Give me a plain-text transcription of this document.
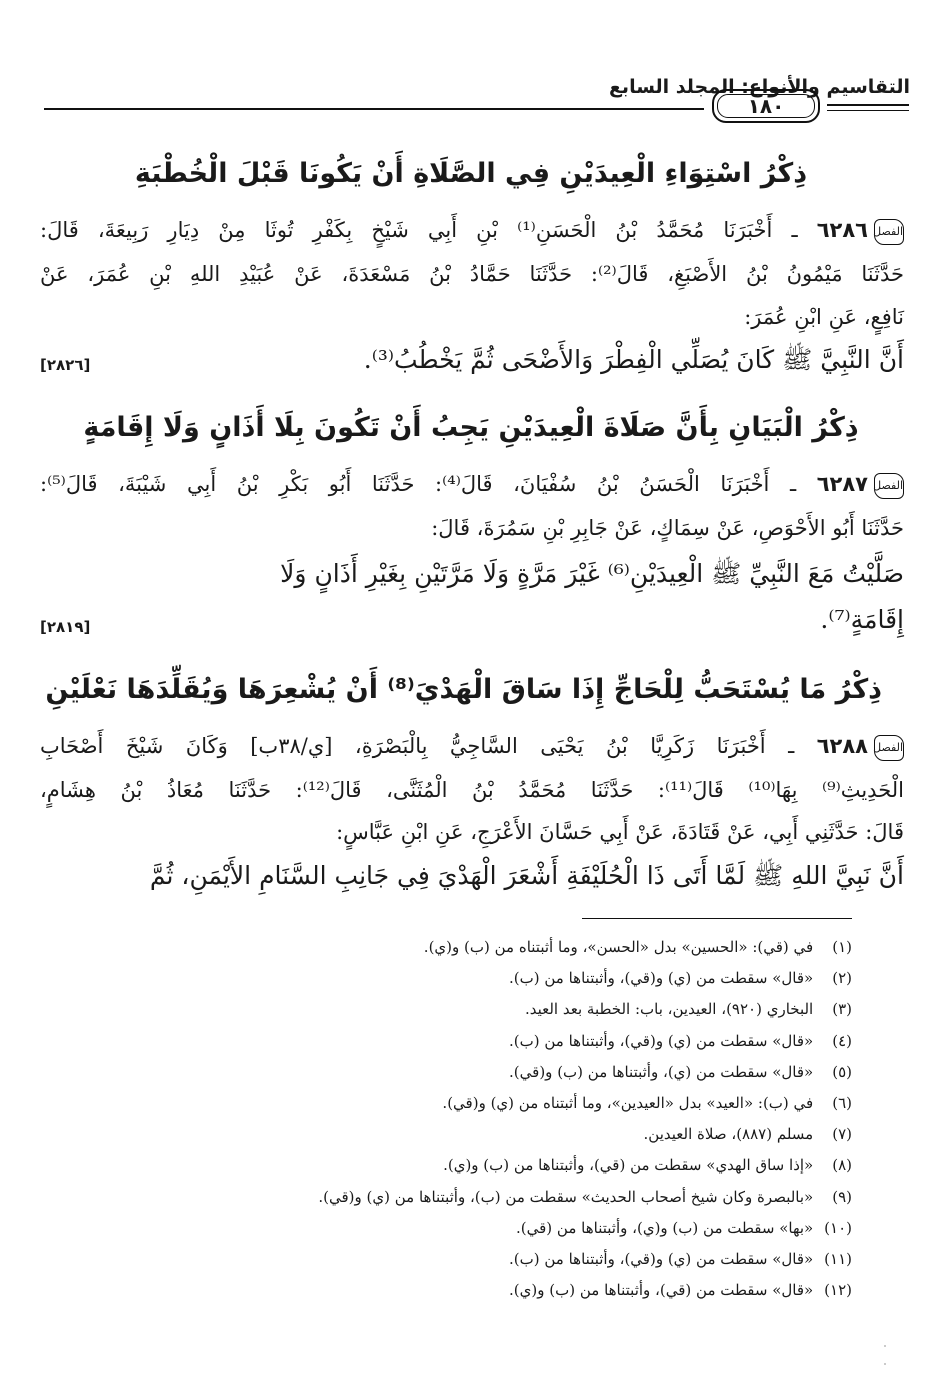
التقاسيم والأنواع: المجلد السابع
١٨٠
ذِكْرُ اسْتِوَاءِ الْعِيدَيْنِ فِي الصَّلَاةِ أَنْ يَكُونَا قَبْلَ الْخُطْبَةِ
الفصل٦٢٨٦ ـ أَخْبَرَنَا مُحَمَّدُ بْنُ الْحَسَنِ⁽¹⁾ بْنِ أَبِي شَيْخٍ بِكَفْرِ تُوثَا مِنْ دِيَارِ رَبِيعَةَ، قَالَ:
حَدَّثَنَا مَيْمُونُ بْنُ الأَصْبَغِ، قَالَ⁽²⁾: حَدَّثَنَا حَمَّادُ بْنُ مَسْعَدَةَ، عَنْ عُبَيْدِ اللهِ بْنِ عُمَرَ، عَنْ
نَافِعٍ، عَنِ ابْنِ عُمَرَ:
أَنَّ النَّبِيَّ ﷺ كَانَ يُصَلِّي الْفِطْرَ وَالأَضْحَى ثُمَّ يَخْطُبُ⁽³⁾.
[٢٨٢٦]
ذِكْرُ الْبَيَانِ بِأَنَّ صَلَاةَ الْعِيدَيْنِ يَجِبُ أَنْ تَكُونَ بِلَا أَذَانٍ وَلَا إِقَامَةٍ
الفصل٦٢٨٧ ـ أَخْبَرَنَا الْحَسَنُ بْنُ سُفْيَانَ، قَالَ⁽⁴⁾: حَدَّثَنَا أَبُو بَكْرِ بْنُ أَبِي شَيْبَةَ، قَالَ⁽⁵⁾:
حَدَّثَنَا أَبُو الأَحْوَصِ، عَنْ سِمَاكٍ، عَنْ جَابِرِ بْنِ سَمُرَةَ، قَالَ:
صَلَّيْتُ مَعَ النَّبِيِّ ﷺ الْعِيدَيْنِ⁽⁶⁾ غَيْرَ مَرَّةٍ وَلَا مَرَّتَيْنِ بِغَيْرِ أَذَانٍ وَلَا
إِقَامَةٍ⁽⁷⁾.
[٢٨١٩]
ذِكْرُ مَا يُسْتَحَبُّ لِلْحَاجِّ إِذَا سَاقَ الْهَدْيَ⁽⁸⁾ أَنْ يُشْعِرَهَا وَيُقَلِّدَهَا نَعْلَيْنِ
الفصل٦٢٨٨ ـ أَخْبَرَنَا زَكَرِيَّا بْنُ يَحْيَى السَّاجِيُّ بِالْبَصْرَةِ، [ي/٣٨ب] وَكَانَ شَيْخَ أَصْحَابِ
الْحَدِيثِ⁽⁹⁾ بِهَا⁽¹⁰⁾ قَالَ⁽¹¹⁾: حَدَّثَنَا مُحَمَّدُ بْنُ الْمُثَنَّى، قَالَ⁽¹²⁾: حَدَّثَنَا مُعَاذُ بْنُ هِشَامٍ،
قَالَ: حَدَّثَنِي أَبِي، عَنْ قَتَادَةَ، عَنْ أَبِي حَسَّانَ الأَعْرَجِ، عَنِ ابْنِ عَبَّاسٍ:
أَنَّ نَبِيَّ اللهِ ﷺ لَمَّا أَتَى ذَا الْحُلَيْفَةِ أَشْعَرَ الْهَدْيَ فِي جَانِبِ السَّنَامِ الأَيْمَنِ، ثُمَّ
(١) في (قي): «الحسين» بدل «الحسن»، وما أثبتناه من (ب) و(ي).
(٢) «قال» سقطت من (ي) و(قي)، وأثبتناها من (ب).
(٣) البخاري (٩٢٠)، العيدين، باب: الخطبة بعد العيد.
(٤) «قال» سقطت من (ي) و(قي)، وأثبتناها من (ب).
(٥) «قال» سقطت من (ي)، وأثبتناها من (ب) و(قي).
(٦) في (ب): «العيد» بدل «العيدين»، وما أثبتناه من (ي) و(قي).
(٧) مسلم (٨٨٧)، صلاة العيدين.
(٨) «إذا ساق الهدي» سقطت من (قي)، وأثبتناها من (ب) و(ي).
(٩) «بالبصرة وكان شيخ أصحاب الحديث» سقطت من (ب)، وأثبتناها من (ي) و(قي).
(١٠) «بها» سقطت من (ب) و(ي)، وأثبتناها من (قي).
(١١) «قال» سقطت من (ي) و(قي)، وأثبتناها من (ب).
(١٢) «قال» سقطت من (قي)، وأثبتناها من (ب) و(ي).
